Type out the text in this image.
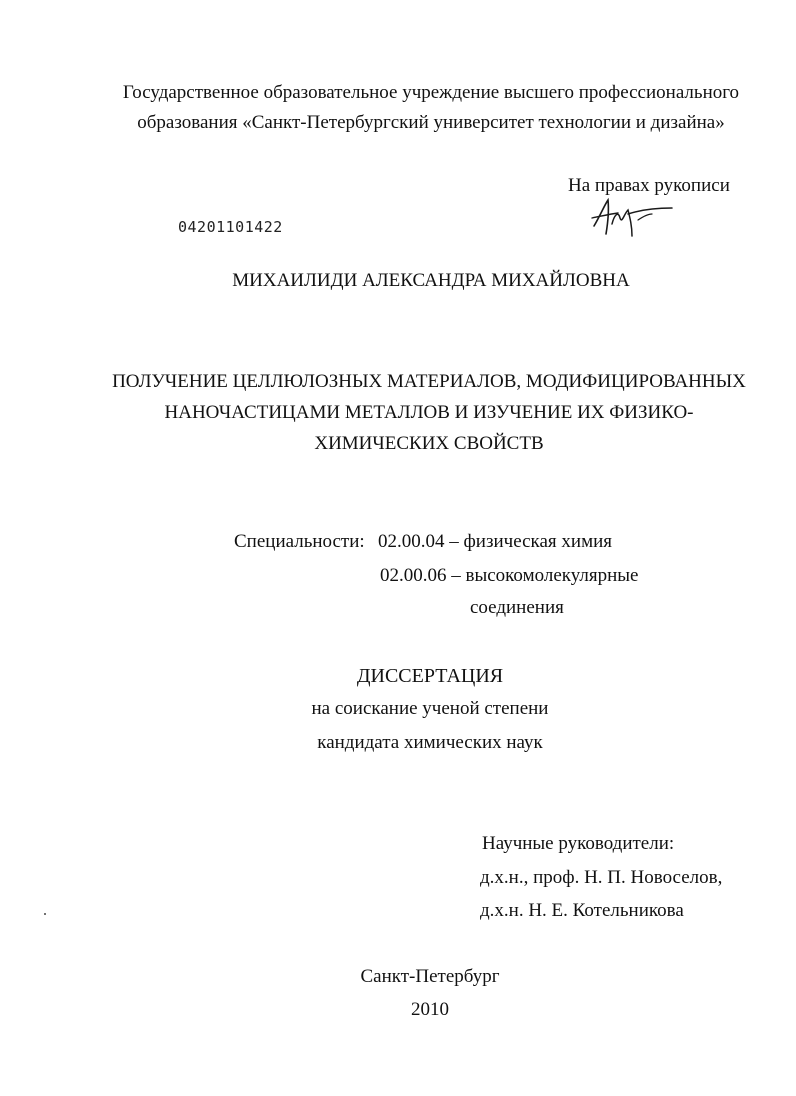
Государственное образовательное учреждение высшего профессионального
образования «Санкт-Петербургский университет технологии и дизайна»
На правах рукописи
04201101422
МИХАИЛИДИ АЛЕКСАНДРА МИХАЙЛОВНА
ПОЛУЧЕНИЕ ЦЕЛЛЮЛОЗНЫХ МАТЕРИАЛОВ, МОДИФИЦИРОВАННЫХ
НАНОЧАСТИЦАМИ МЕТАЛЛОВ И ИЗУЧЕНИЕ ИХ ФИЗИКО-
ХИМИЧЕСКИХ СВОЙСТВ
Специальности: 02.00.04 – физическая химия
02.00.06 – высокомолекулярные
соединения
ДИССЕРТАЦИЯ
на соискание ученой степени
кандидата химических наук
Научные руководители:
д.х.н., проф. Н. П. Новоселов,
д.х.н. Н. Е. Котельникова
Санкт-Петербург
2010
